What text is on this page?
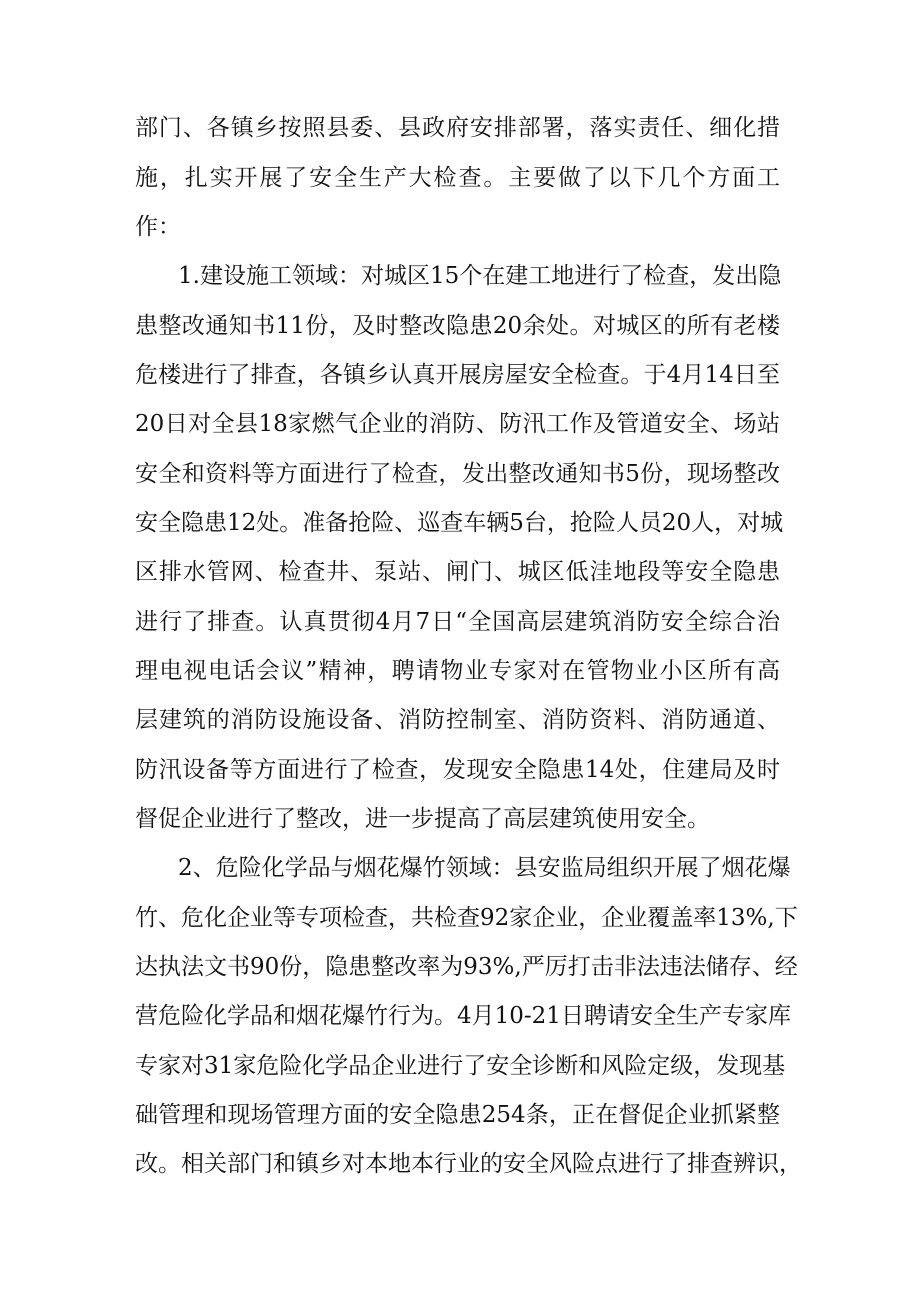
部门、各镇乡按照县委、县政府安排部署，落实责任、细化措
施，扎实开展了安全生产大检查。主要做了以下几个方面工
作：
1.建设施工领域：对城区15个在建工地进行了检查，发出隐
患整改通知书11份，及时整改隐患20余处。对城区的所有老楼
危楼进行了排查，各镇乡认真开展房屋安全检查。于4月14日至
20日对全县18家燃气企业的消防、防汛工作及管道安全、场站
安全和资料等方面进行了检查，发出整改通知书5份，现场整改
安全隐患12处。准备抢险、巡查车辆5台，抢险人员20人，对城
区排水管网、检查井、泵站、闸门、城区低洼地段等安全隐患
进行了排查。认真贯彻4月7日“全国高层建筑消防安全综合治
理电视电话会议”精神，聘请物业专家对在管物业小区所有高
层建筑的消防设施设备、消防控制室、消防资料、消防通道、
防汛设备等方面进行了检查，发现安全隐患14处，住建局及时
督促企业进行了整改，进一步提高了高层建筑使用安全。
2、危险化学品与烟花爆竹领域：县安监局组织开展了烟花爆
竹、危化企业等专项检查，共检查92家企业，企业覆盖率13%,下
达执法文书90份，隐患整改率为93%,严厉打击非法违法储存、经
营危险化学品和烟花爆竹行为。4月10-21日聘请安全生产专家库
专家对31家危险化学品企业进行了安全诊断和风险定级，发现基
础管理和现场管理方面的安全隐患254条，正在督促企业抓紧整
改。相关部门和镇乡对本地本行业的安全风险点进行了排查辨识，
